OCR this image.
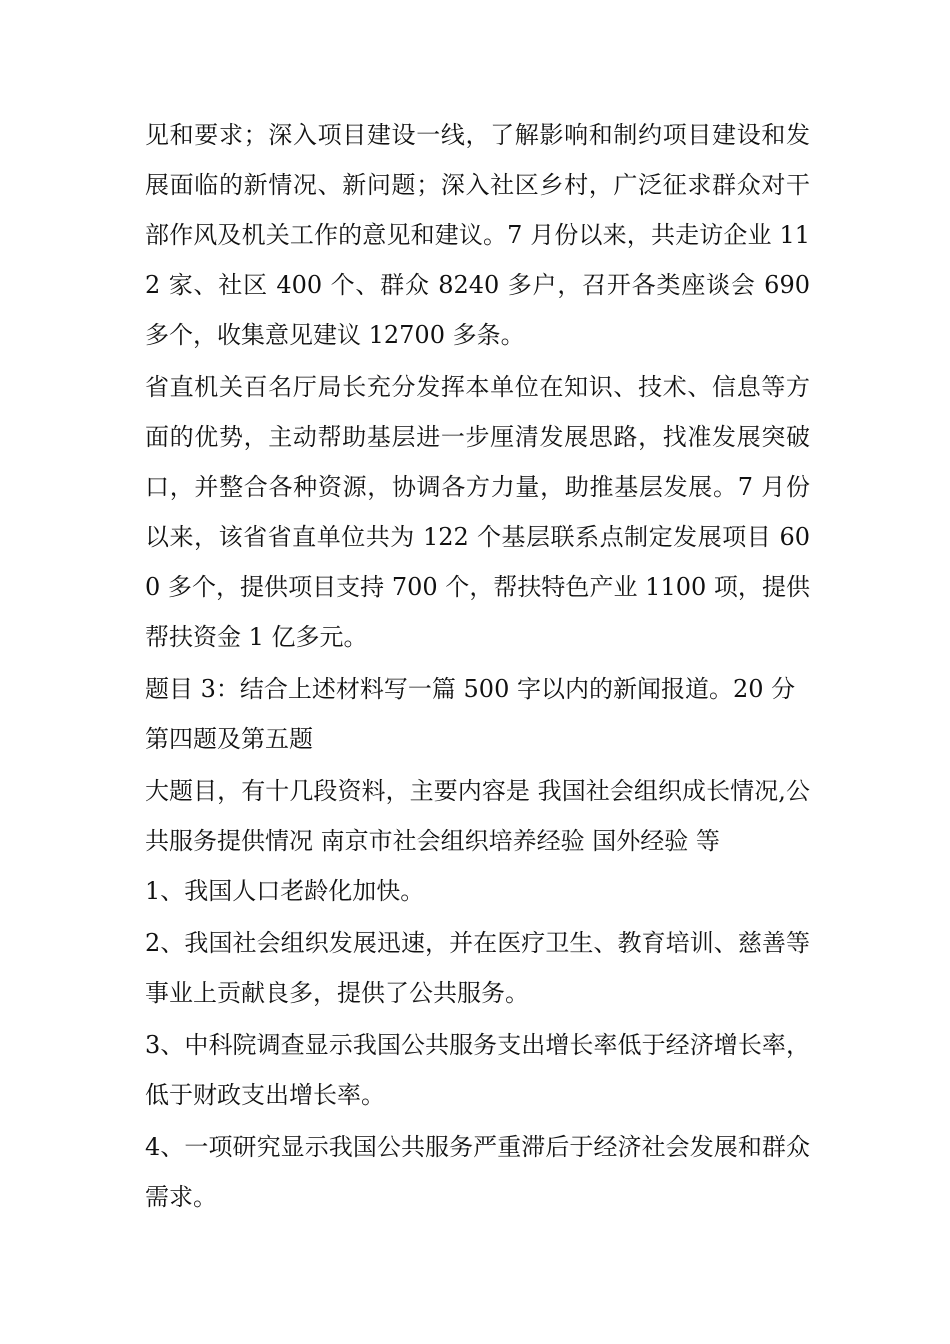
见和要求；深入项目建设一线，了解影响和制约项目建设和发展面临的新情况、新问题；深入社区乡村，广泛征求群众对干部作风及机关工作的意见和建议。7 月份以来，共走访企业 112 家、社区 400 个、群众 8240 多户，召开各类座谈会 690 多个，收集意见建议 12700 多条。

省直机关百名厅局长充分发挥本单位在知识、技术、信息等方面的优势，主动帮助基层进一步厘清发展思路，找准发展突破口，并整合各种资源，协调各方力量，助推基层发展。7 月份以来，该省省直单位共为 122 个基层联系点制定发展项目 600 多个，提供项目支持 700 个，帮扶特色产业 1100 项，提供帮扶资金 1 亿多元。

题目 3：结合上述材料写一篇 500 字以内的新闻报道。20 分

第四题及第五题

大题目，有十几段资料，主要内容是 我国社会组织成长情况,公共服务提供情况 南京市社会组织培养经验 国外经验 等

1、我国人口老龄化加快。

2、我国社会组织发展迅速，并在医疗卫生、教育培训、慈善等事业上贡献良多，提供了公共服务。

3、中科院调查显示我国公共服务支出增长率低于经济增长率，低于财政支出增长率。

4、一项研究显示我国公共服务严重滞后于经济社会发展和群众需求。
